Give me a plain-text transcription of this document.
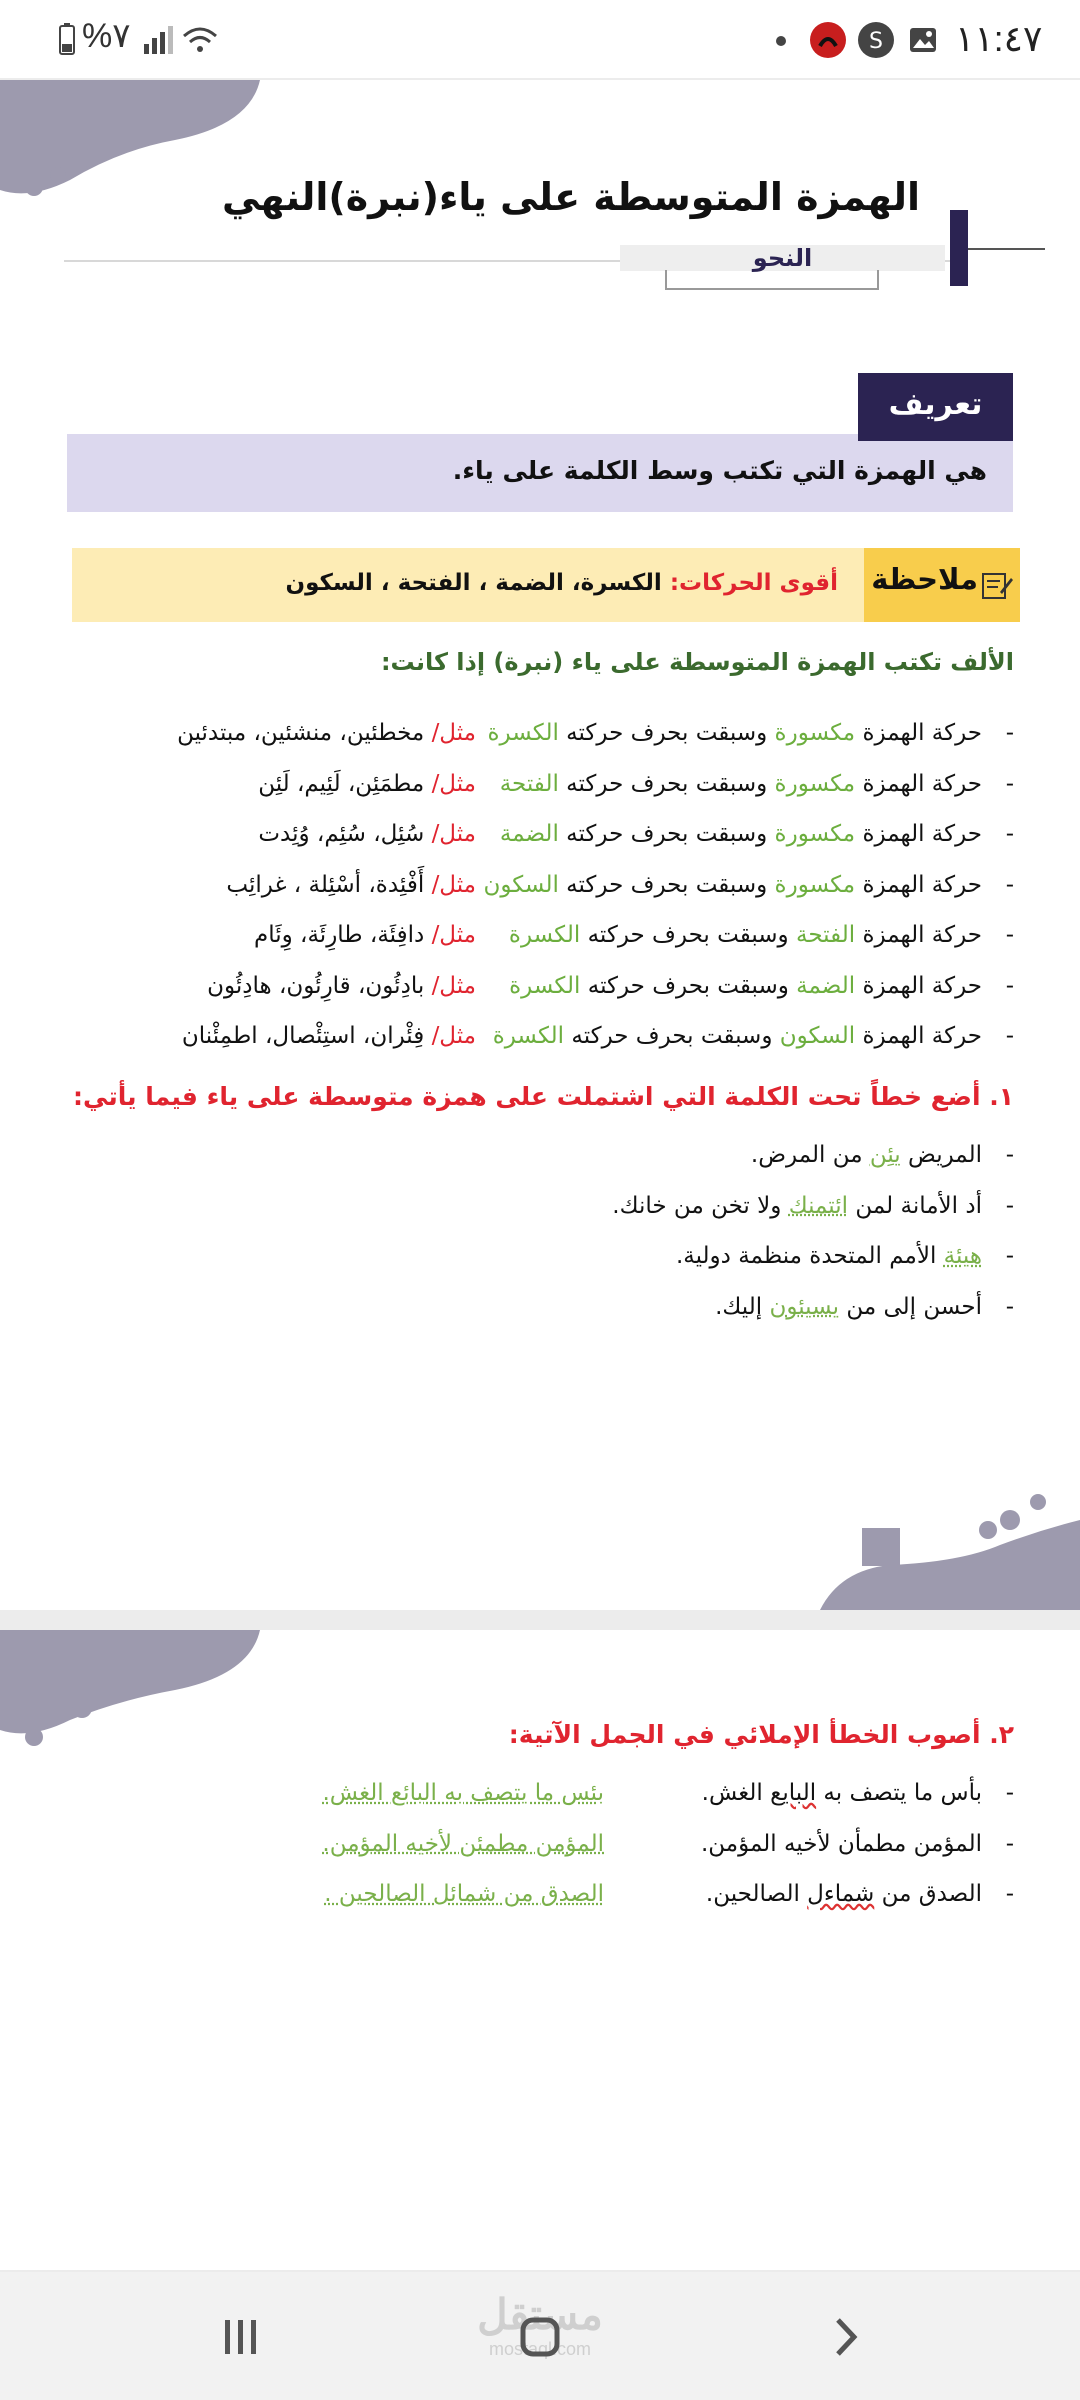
١١:٤٧
S
%٧
الهمزة المتوسطة على ياء(نبرة)النهي
النحو
هي الهمزة التي تكتب وسط الكلمة على ياء.
تعريف
ملاحظة
أقوى الحركات: الكسرة، الضمة ، الفتحة ، السكون
الألف تكتب الهمزة المتوسطة على ياء (نبرة) إذا كانت:
-
حركة الهمزة مكسورة وسبقت بحرف حركته الكسرة
مثل/ مخطئين، منشئين، مبتدئين
-
حركة الهمزة مكسورة وسبقت بحرف حركته الفتحة
مثل/ مطمَئِن، لَئِيم، لَئِن
-
حركة الهمزة مكسورة وسبقت بحرف حركته الضمة
مثل/ سُئِل، سُئِم، وُئِدت
-
حركة الهمزة مكسورة وسبقت بحرف حركته السكون
مثل/ أَفْئِدة، أسْئِلة ، غرائِب
-
حركة الهمزة الفتحة وسبقت بحرف حركته الكسرة
مثل/ دافِئَة، طارِئَة، وِئَام
-
حركة الهمزة الضمة وسبقت بحرف حركته الكسرة
مثل/ بادِئُون، قارِئُون، هادِئُون
-
حركة الهمزة السكون وسبقت بحرف حركته الكسرة
مثل/ فِئْران، استِئْصال، اطمِئْنان
١. أضع خطاً تحت الكلمة التي اشتملت على همزة متوسطة على ياء فيما يأتي:
-
المريض يئِن من المرض.
-
أد الأمانة لمن ائتمنك ولا تخن من خانك.
-
هيئة الأمم المتحدة منظمة دولية.
-
أحسن إلى من يسيئون إليك.
٢. أصوب الخطأ الإملائي في الجمل الآتية:
-
بأس ما يتصف به البايع الغش.
بئس ما يتصف به البائع الغش.
-
المؤمن مطمأن لأخيه المؤمن.
المؤمن مطمئن لأخيه المؤمن.
-
الصدق من شماءل الصالحين.
الصدق من شمائل الصالحين .
مستقل
mostaql.com
